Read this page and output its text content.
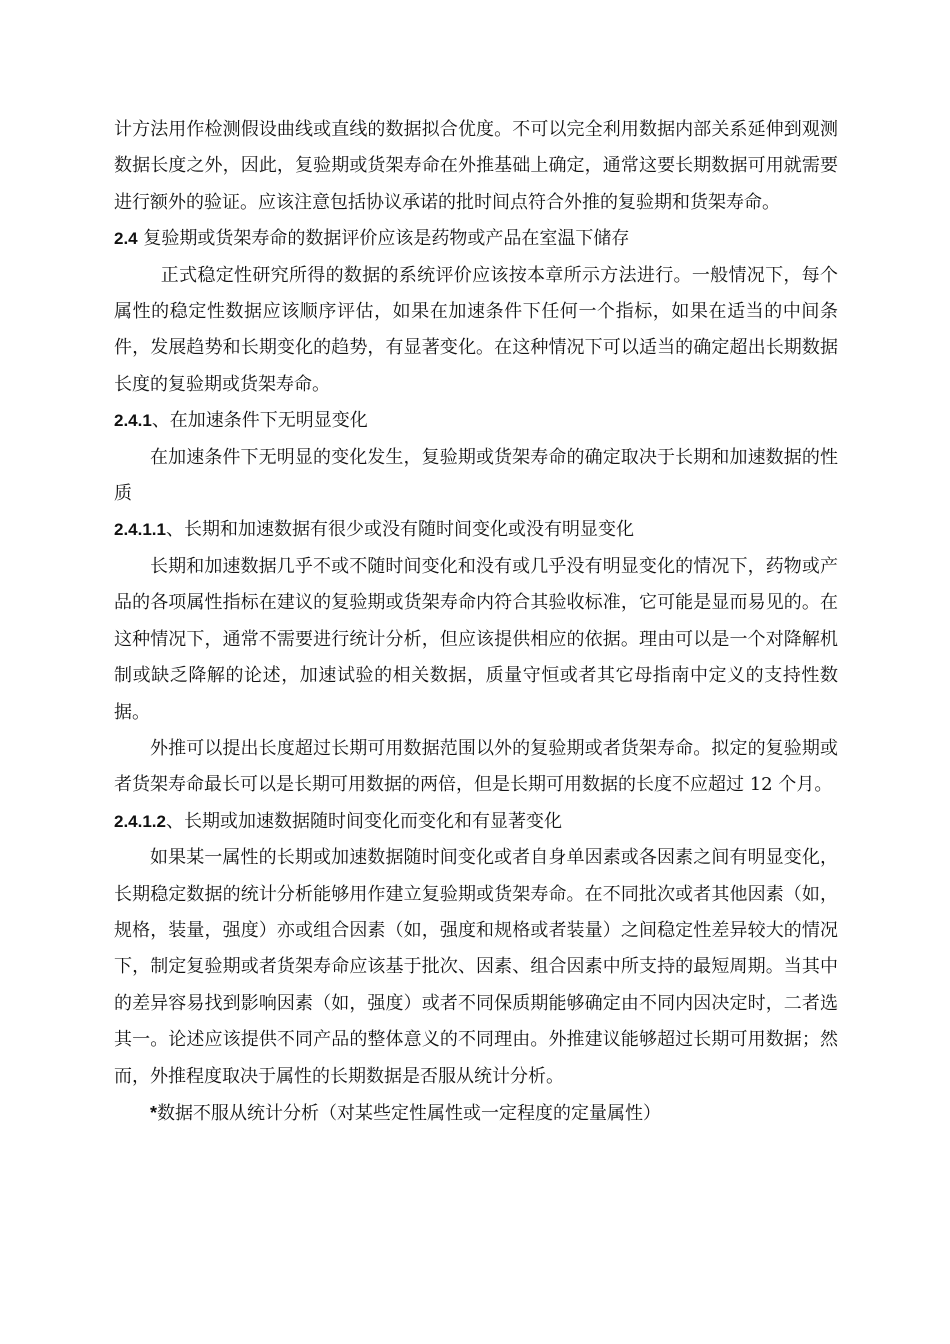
计方法用作检测假设曲线或直线的数据拟合优度。不可以完全利用数据内部关系延伸到观测数据长度之外，因此，复验期或货架寿命在外推基础上确定，通常这要长期数据可用就需要进行额外的验证。应该注意包括协议承诺的批时间点符合外推的复验期和货架寿命。

2.4 复验期或货架寿命的数据评价应该是药物或产品在室温下储存

正式稳定性研究所得的数据的系统评价应该按本章所示方法进行。一般情况下，每个属性的稳定性数据应该顺序评估，如果在加速条件下任何一个指标，如果在适当的中间条件，发展趋势和长期变化的趋势，有显著变化。在这种情况下可以适当的确定超出长期数据长度的复验期或货架寿命。

2.4.1、在加速条件下无明显变化

在加速条件下无明显的变化发生，复验期或货架寿命的确定取决于长期和加速数据的性质

2.4.1.1、长期和加速数据有很少或没有随时间变化或没有明显变化

长期和加速数据几乎不或不随时间变化和没有或几乎没有明显变化的情况下，药物或产品的各项属性指标在建议的复验期或货架寿命内符合其验收标准，它可能是显而易见的。在这种情况下，通常不需要进行统计分析，但应该提供相应的依据。理由可以是一个对降解机制或缺乏降解的论述，加速试验的相关数据，质量守恒或者其它母指南中定义的支持性数据。

外推可以提出长度超过长期可用数据范围以外的复验期或者货架寿命。拟定的复验期或者货架寿命最长可以是长期可用数据的两倍，但是长期可用数据的长度不应超过 12 个月。

2.4.1.2、长期或加速数据随时间变化而变化和有显著变化

如果某一属性的长期或加速数据随时间变化或者自身单因素或各因素之间有明显变化，长期稳定数据的统计分析能够用作建立复验期或货架寿命。在不同批次或者其他因素（如，规格，装量，强度）亦或组合因素（如，强度和规格或者装量）之间稳定性差异较大的情况下，制定复验期或者货架寿命应该基于批次、因素、组合因素中所支持的最短周期。当其中的差异容易找到影响因素（如，强度）或者不同保质期能够确定由不同内因决定时，二者选其一。论述应该提供不同产品的整体意义的不同理由。外推建议能够超过长期可用数据；然而，外推程度取决于属性的长期数据是否服从统计分析。

*数据不服从统计分析（对某些定性属性或一定程度的定量属性）
